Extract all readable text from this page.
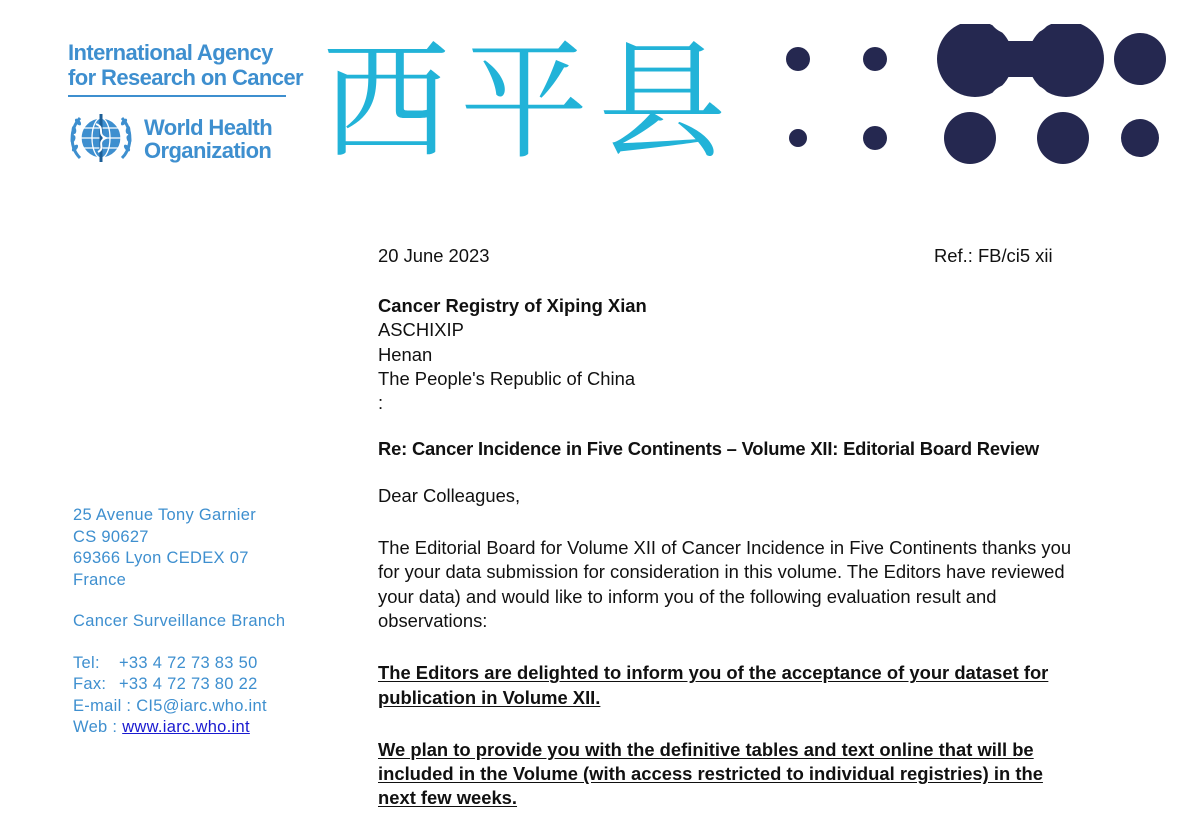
International Agency
for Research on Cancer
World Health
Organization 西平县
25 Avenue Tony Garnier
CS 90627
69366 Lyon CEDEX 07
France
Cancer Surveillance Branch
Tel: +33 4 72 73 83 50
Fax: +33 4 72 73 80 22
E-mail : CI5@iarc.who.int
Web : www.iarc.who.int
20 June 2023	Ref.: FB/ci5 xii
Cancer Registry of Xiping Xian
ASCHIXIP
Henan
The People's Republic of China
:
Re: Cancer Incidence in Five Continents – Volume XII: Editorial Board Review
Dear Colleagues,
The Editorial Board for Volume XII of Cancer Incidence in Five Continents thanks you for your data submission for consideration in this volume. The Editors have reviewed your data) and would like to inform you of the following evaluation result and observations:
The Editors are delighted to inform you of the acceptance of your dataset for publication in Volume XII.
We plan to provide you with the definitive tables and text online that will be included in the Volume (with access restricted to individual registries) in the next few weeks.
